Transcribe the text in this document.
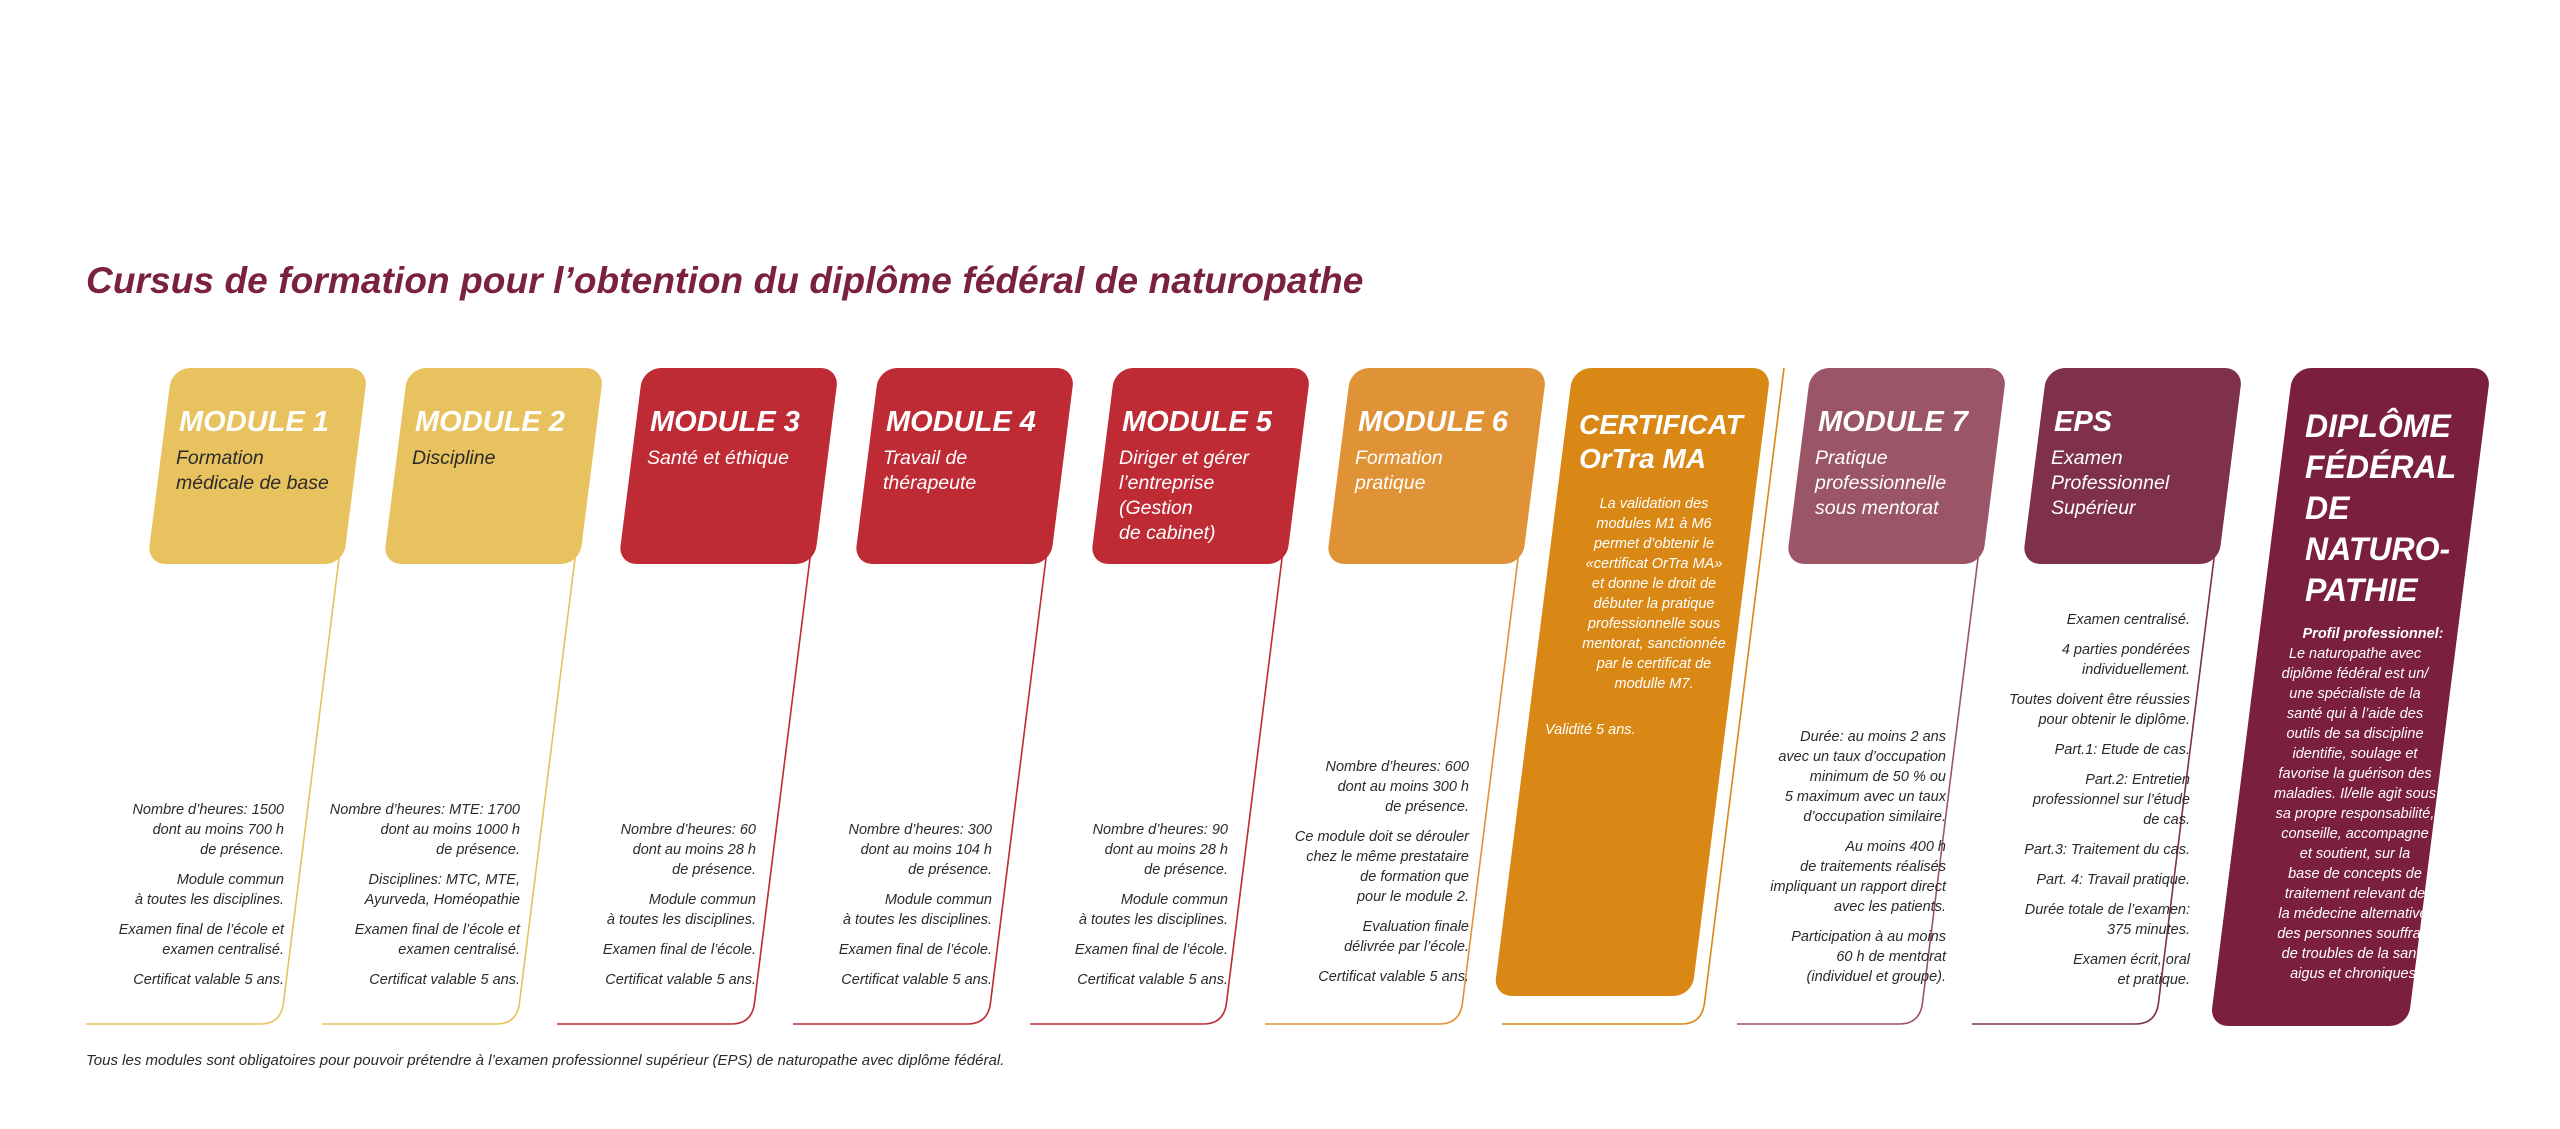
Cursus de formation pour l’obtention du diplôme fédéral de naturopathe
MODULE 1
Formation
médicale de base

Nombre d’heures: 1500
dont au moins 700 h
de présence.

Module commun
à toutes les disciplines.

Examen final de l’école et
examen centralisé.

Certificat valable 5 ans.

MODULE 2
Discipline

Nombre d’heures: MTE: 1700
dont au moins 1000 h
de présence.

Disciplines: MTC, MTE,
Ayurveda, Homéopathie

Examen final de l’école et
examen centralisé.

Certificat valable 5 ans.

MODULE 3
Santé et éthique

Nombre d’heures: 60
dont au moins 28 h
de présence.

Module commun
à toutes les disciplines.

Examen final de l’école.

Certificat valable 5 ans.

MODULE 4
Travail de
thérapeute

Nombre d’heures: 300
dont au moins 104 h
de présence.

Module commun
à toutes les disciplines.

Examen final de l’école.

Certificat valable 5 ans.

MODULE 5
Diriger et gérer
l’entreprise
(Gestion
de cabinet)

Nombre d’heures: 90
dont au moins 28 h
de présence.

Module commun
à toutes les disciplines.

Examen final de l’école.

Certificat valable 5 ans.

MODULE 6
Formation
pratique

Nombre d’heures: 600
dont au moins 300 h
de présence.

Ce module doit se dérouler
chez le même prestataire
de formation que
pour le module 2.

Evaluation finale
délivrée par l’école.

Certificat valable 5 ans.

MODULE 7
Pratique
professionnelle
sous mentorat

Durée: au moins 2 ans
avec un taux d’occupation
minimum de 50 % ou
5 maximum avec un taux
d’occupation similaire.

Au moins 400 h
de traitements réalisés
impliquant un rapport direct
avec les patients.

Participation à au moins
60 h de mentorat
(individuel et groupe).

EPS
Examen
Professionnel
Supérieur

Examen centralisé.

4 parties pondérées
individuellement.

Toutes doivent être réussies
pour obtenir le diplôme.

Part.1: Etude de cas.

Part.2: Entretien
professionnel sur l’étude
de cas.

Part.3: Traitement du cas.

Part. 4: Travail pratique.

Durée totale de l’examen:
375 minutes.

Examen écrit, oral
et pratique.

CERTIFICAT
OrTra MA
La validation des
modules M1 à M6
permet d’obtenir le
«certificat OrTra MA»
et donne le droit de
débuter la pratique
professionnelle sous
mentorat, sanctionnée
par le certificat de
modulle M7.
Validité 5 ans.
DIPLÔME
FÉDÉRAL
DE
NATURO-
PATHIE
Profil professionnel:
Le naturopathe avec
diplôme fédéral est un/
une spécialiste de la
santé qui à l’aide des
outils de sa discipline
identifie, soulage et
favorise la guérison des
maladies. Il/elle agit sous
sa propre responsabilité,
conseille, accompagne
et soutient, sur la
base de concepts de
traitement relevant de
la médecine alternative,
des personnes souffrant
de troubles de la santé
aigus et chroniques.

Tous les modules sont obligatoires pour pouvoir prétendre à l’examen professionnel supérieur (EPS) de naturopathe avec diplôme fédéral.
